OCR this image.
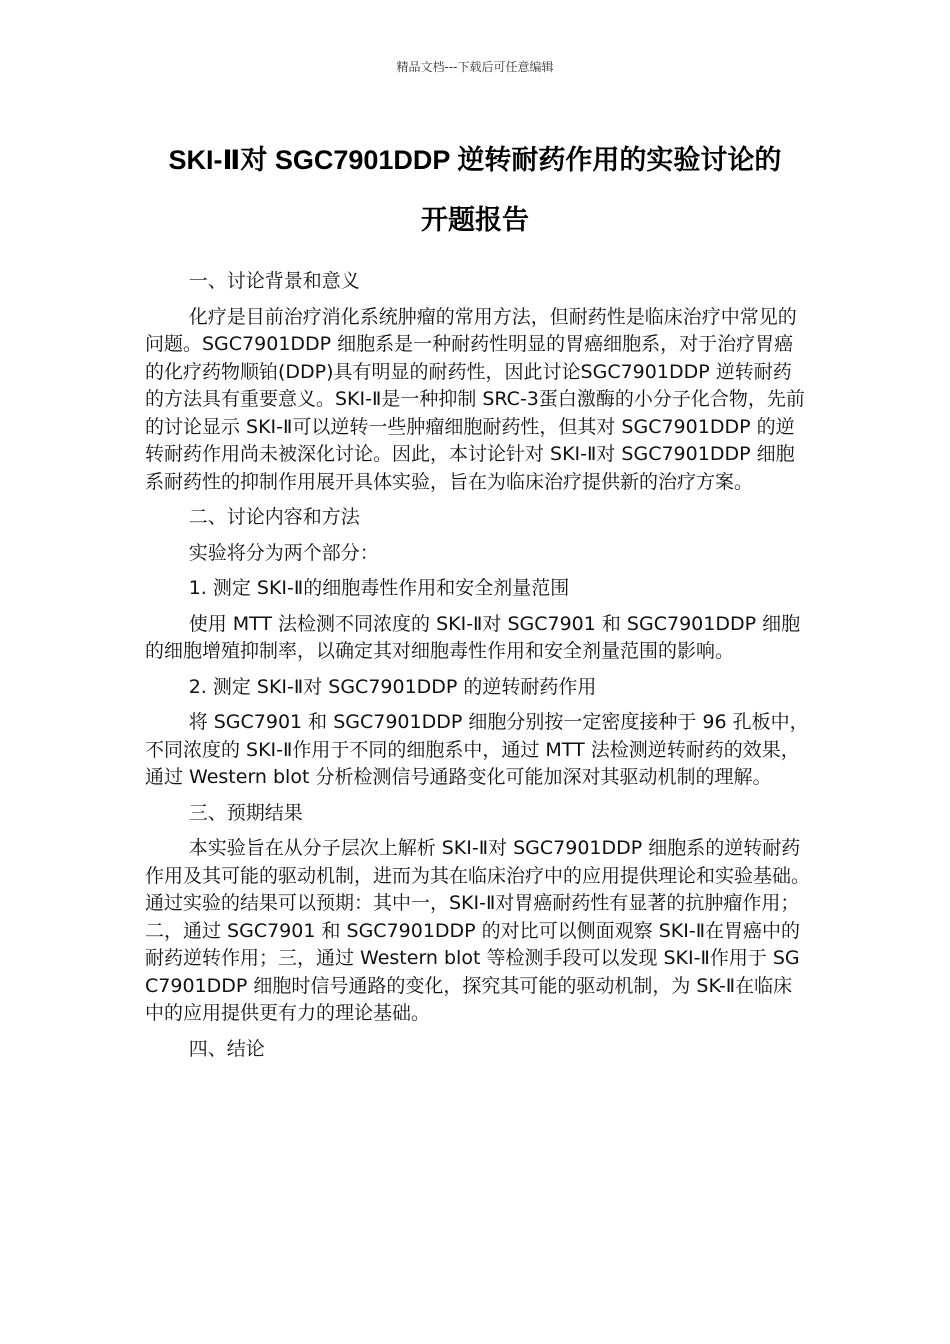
精品文档---下载后可任意编辑
SKI-Ⅱ对 SGC7901DDP 逆转耐药作用的实验讨论的
开题报告
一、讨论背景和意义
化疗是目前治疗消化系统肿瘤的常用方法，但耐药性是临床治疗中常见的问题。SGC7901DDP 细胞系是一种耐药性明显的胃癌细胞系，对于治疗胃癌的化疗药物顺铂(DDP)具有明显的耐药性，因此讨论SGC7901DDP 逆转耐药的方法具有重要意义。SKI-Ⅱ是一种抑制 SRC-3蛋白激酶的小分子化合物，先前的讨论显示 SKI-Ⅱ可以逆转一些肿瘤细胞耐药性，但其对 SGC7901DDP 的逆转耐药作用尚未被深化讨论。因此，本讨论针对 SKI-Ⅱ对 SGC7901DDP 细胞系耐药性的抑制作用展开具体实验，旨在为临床治疗提供新的治疗方案。
二、讨论内容和方法
实验将分为两个部分：
1. 测定 SKI-Ⅱ的细胞毒性作用和安全剂量范围
使用 MTT 法检测不同浓度的 SKI-Ⅱ对 SGC7901 和 SGC7901DDP 细胞的细胞增殖抑制率，以确定其对细胞毒性作用和安全剂量范围的影响。
2. 测定 SKI-Ⅱ对 SGC7901DDP 的逆转耐药作用
将 SGC7901 和 SGC7901DDP 细胞分别按一定密度接种于 96 孔板中，不同浓度的 SKI-Ⅱ作用于不同的细胞系中，通过 MTT 法检测逆转耐药的效果，通过 Western blot 分析检测信号通路变化可能加深对其驱动机制的理解。
三、预期结果
本实验旨在从分子层次上解析 SKI-Ⅱ对 SGC7901DDP 细胞系的逆转耐药作用及其可能的驱动机制，进而为其在临床治疗中的应用提供理论和实验基础。通过实验的结果可以预期：其中一，SKI-Ⅱ对胃癌耐药性有显著的抗肿瘤作用；二，通过 SGC7901 和 SGC7901DDP 的对比可以侧面观察 SKI-Ⅱ在胃癌中的耐药逆转作用；三，通过 Western blot 等检测手段可以发现 SKI-Ⅱ作用于 SGC7901DDP 细胞时信号通路的变化，探究其可能的驱动机制，为 SK-Ⅱ在临床中的应用提供更有力的理论基础。
四、结论
